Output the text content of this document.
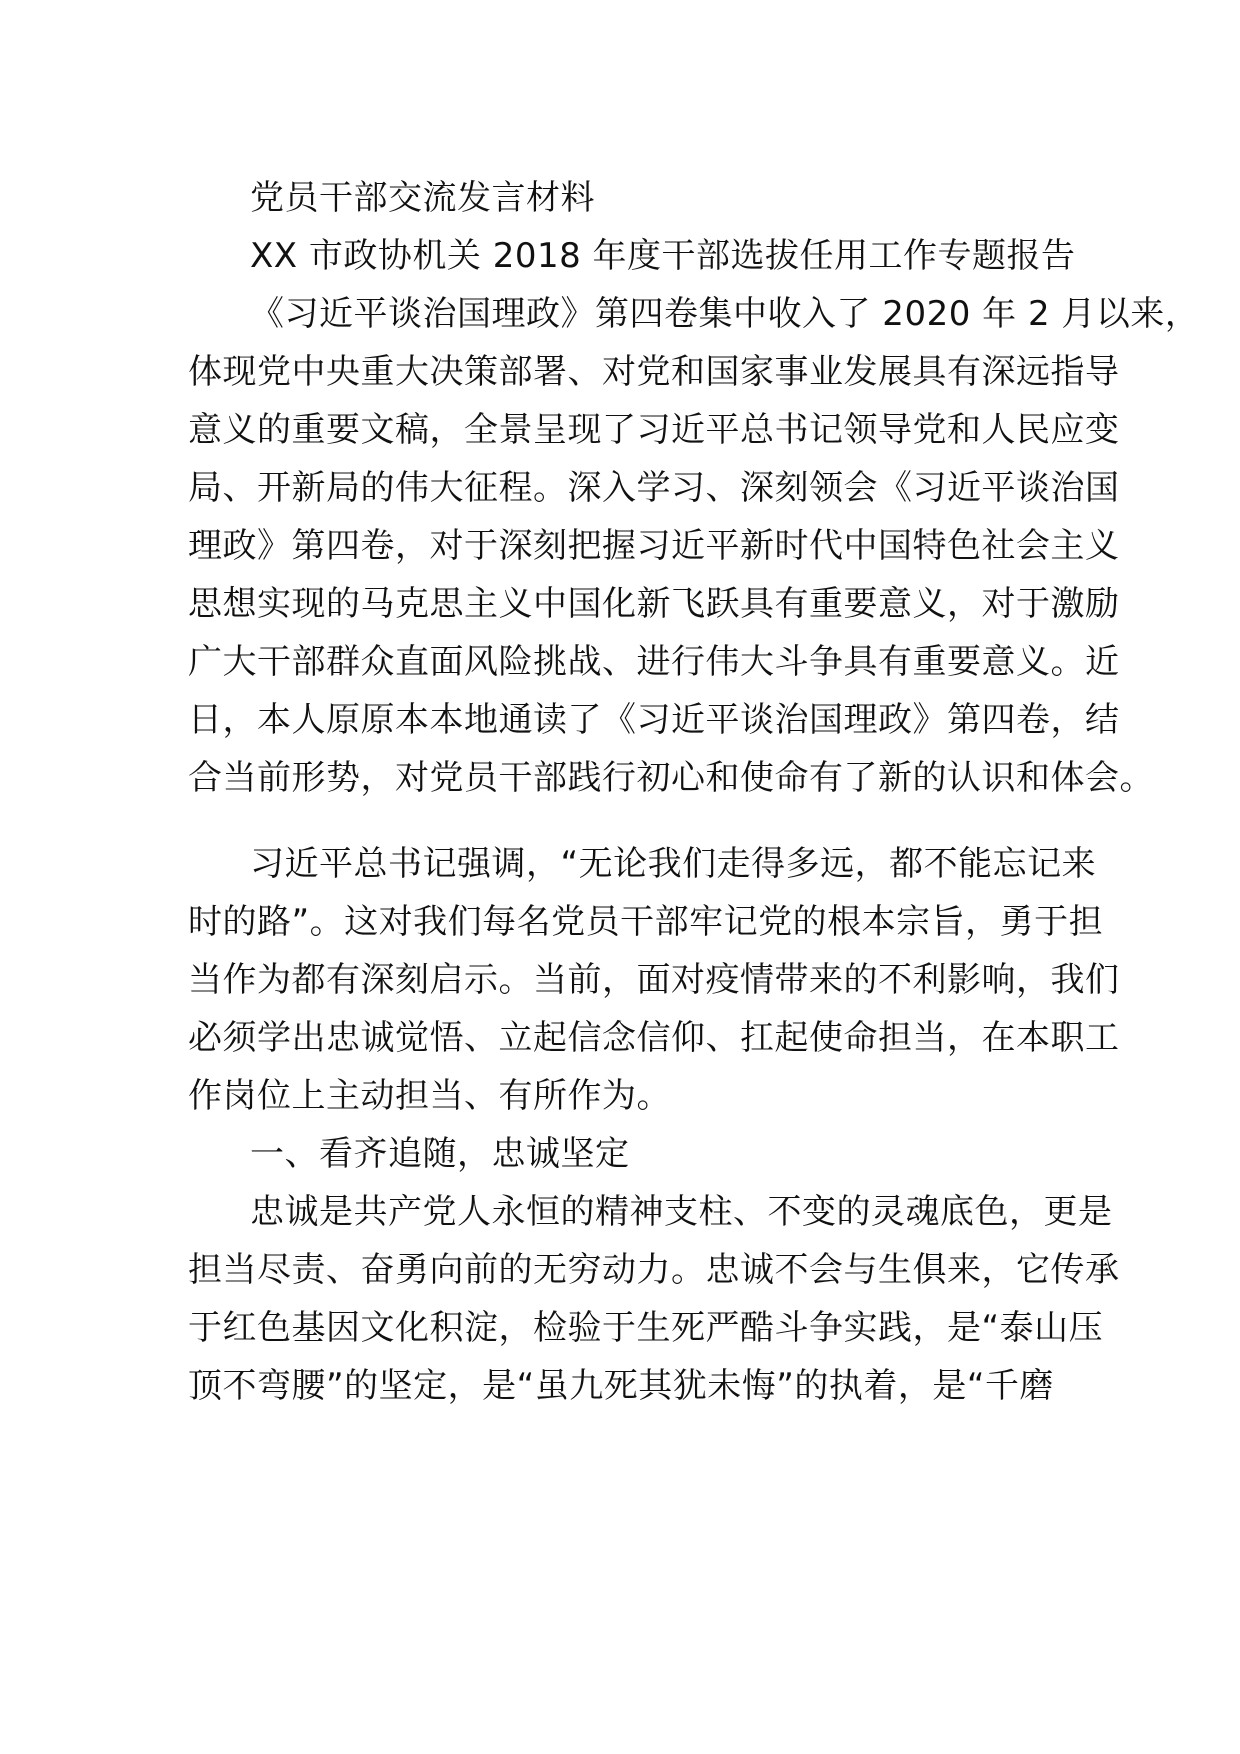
党员干部交流发言材料
XX 市政协机关 2018 年度干部选拔任用工作专题报告
《习近平谈治国理政》第四卷集中收入了 2020 年 2 月以来，
体现党中央重大决策部署、对党和国家事业发展具有深远指导
意义的重要文稿，全景呈现了习近平总书记领导党和人民应变
局、开新局的伟大征程。深入学习、深刻领会《习近平谈治国
理政》第四卷，对于深刻把握习近平新时代中国特色社会主义
思想实现的马克思主义中国化新飞跃具有重要意义，对于激励
广大干部群众直面风险挑战、进行伟大斗争具有重要意义。近
日，本人原原本本地通读了《习近平谈治国理政》第四卷，结
合当前形势，对党员干部践行初心和使命有了新的认识和体会。
习近平总书记强调，“无论我们走得多远，都不能忘记来
时的路”。这对我们每名党员干部牢记党的根本宗旨，勇于担
当作为都有深刻启示。当前，面对疫情带来的不利影响，我们
必须学出忠诚觉悟、立起信念信仰、扛起使命担当，在本职工
作岗位上主动担当、有所作为。
一、看齐追随，忠诚坚定
忠诚是共产党人永恒的精神支柱、不变的灵魂底色，更是
担当尽责、奋勇向前的无穷动力。忠诚不会与生俱来，它传承
于红色基因文化积淀，检验于生死严酷斗争实践，是“泰山压
顶不弯腰”的坚定，是“虽九死其犹未悔”的执着，是“千磨
